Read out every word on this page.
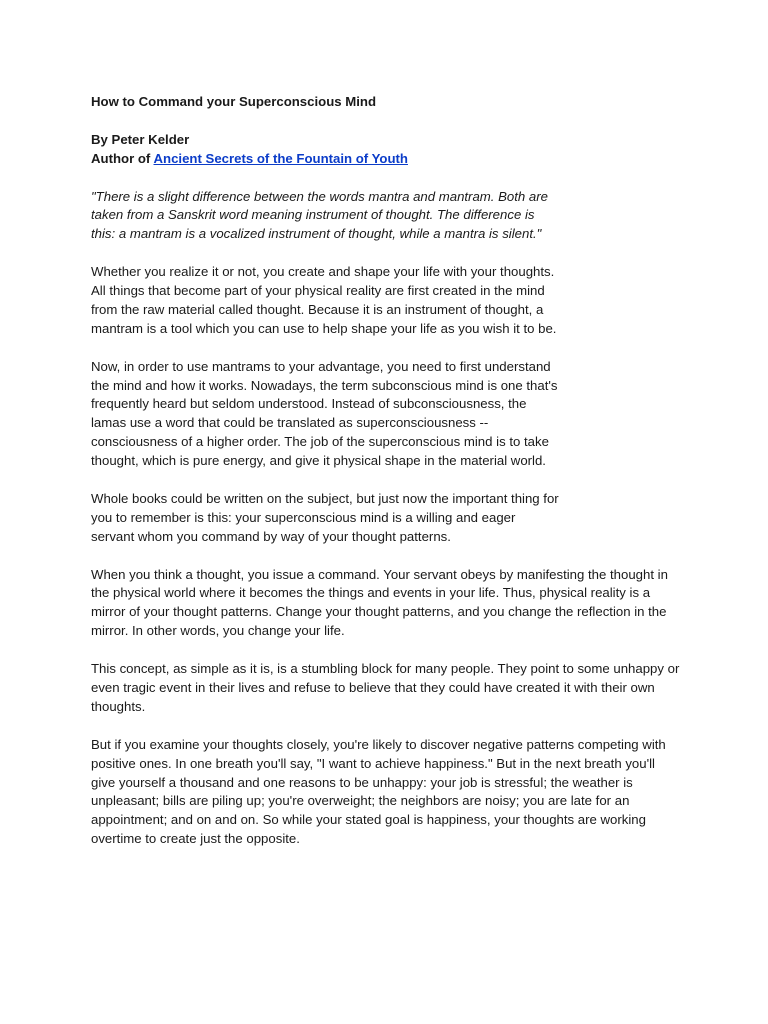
How to Command your Superconscious Mind

By Peter Kelder

Author of Ancient Secrets of the Fountain of Youth

"There is a slight difference between the words mantra and mantram. Both are taken from a Sanskrit word meaning instrument of thought. The difference is this: a mantram is a vocalized instrument of thought, while a mantra is silent."

Whether you realize it or not, you create and shape your life with your thoughts. All things that become part of your physical reality are first created in the mind from the raw material called thought. Because it is an instrument of thought, a mantram is a tool which you can use to help shape your life as you wish it to be.

Now, in order to use mantrams to your advantage, you need to first understand the mind and how it works. Nowadays, the term subconscious mind is one that's frequently heard but seldom understood. Instead of subconsciousness, the lamas use a word that could be translated as superconsciousness -- consciousness of a higher order. The job of the superconscious mind is to take thought, which is pure energy, and give it physical shape in the material world.

Whole books could be written on the subject, but just now the important thing for you to remember is this: your superconscious mind is a willing and eager servant whom you command by way of your thought patterns.

When you think a thought, you issue a command. Your servant obeys by manifesting the thought in the physical world where it becomes the things and events in your life. Thus, physical reality is a mirror of your thought patterns. Change your thought patterns, and you change the reflection in the mirror. In other words, you change your life.

This concept, as simple as it is, is a stumbling block for many people. They point to some unhappy or even tragic event in their lives and refuse to believe that they could have created it with their own thoughts.

But if you examine your thoughts closely, you're likely to discover negative patterns competing with positive ones. In one breath you'll say, "I want to achieve happiness." But in the next breath you'll give yourself a thousand and one reasons to be unhappy: your job is stressful; the weather is unpleasant; bills are piling up; you're overweight; the neighbors are noisy; you are late for an appointment; and on and on. So while your stated goal is happiness, your thoughts are working overtime to create just the opposite.
